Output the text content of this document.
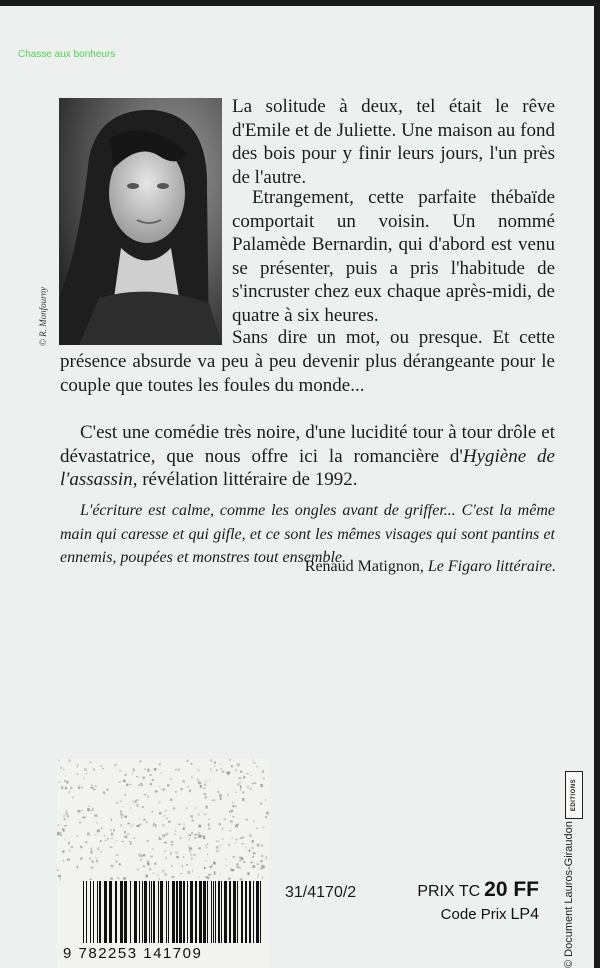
Chasse aux bonheurs
© R. Monfourny

La solitude à deux, tel était le rêve d'Emile et de Juliette. Une maison au fond des bois pour y finir leurs jours, l'un près de l'autre.

Etrangement, cette parfaite thébaïde comportait un voisin. Un nommé Palamède Bernardin, qui d'abord est venu se présenter, puis a pris l'habitude de s'incruster chez eux chaque après-midi, de quatre à six heures.

Sans dire un mot, ou presque. Et cette

présence absurde va peu à peu devenir plus dérangeante pour le couple que toutes les foules du monde...

C'est une comédie très noire, d'une lucidité tour à tour drôle et dévastatrice, que nous offre ici la romancière d'Hygiène de l'assassin, révélation littéraire de 1992.

L'écriture est calme, comme les ongles avant de griffer... C'est la même main qui caresse et qui gifle, et ce sont les mêmes visages qui sont pantins et ennemis, poupées et monstres tout ensemble.

Renaud Matignon, Le Figaro littéraire.

9 782253 141709
31/4170/2	PRIX TC 20 FF
Code Prix LP4
EDITIONS
© Document Lauros-Giraudon
